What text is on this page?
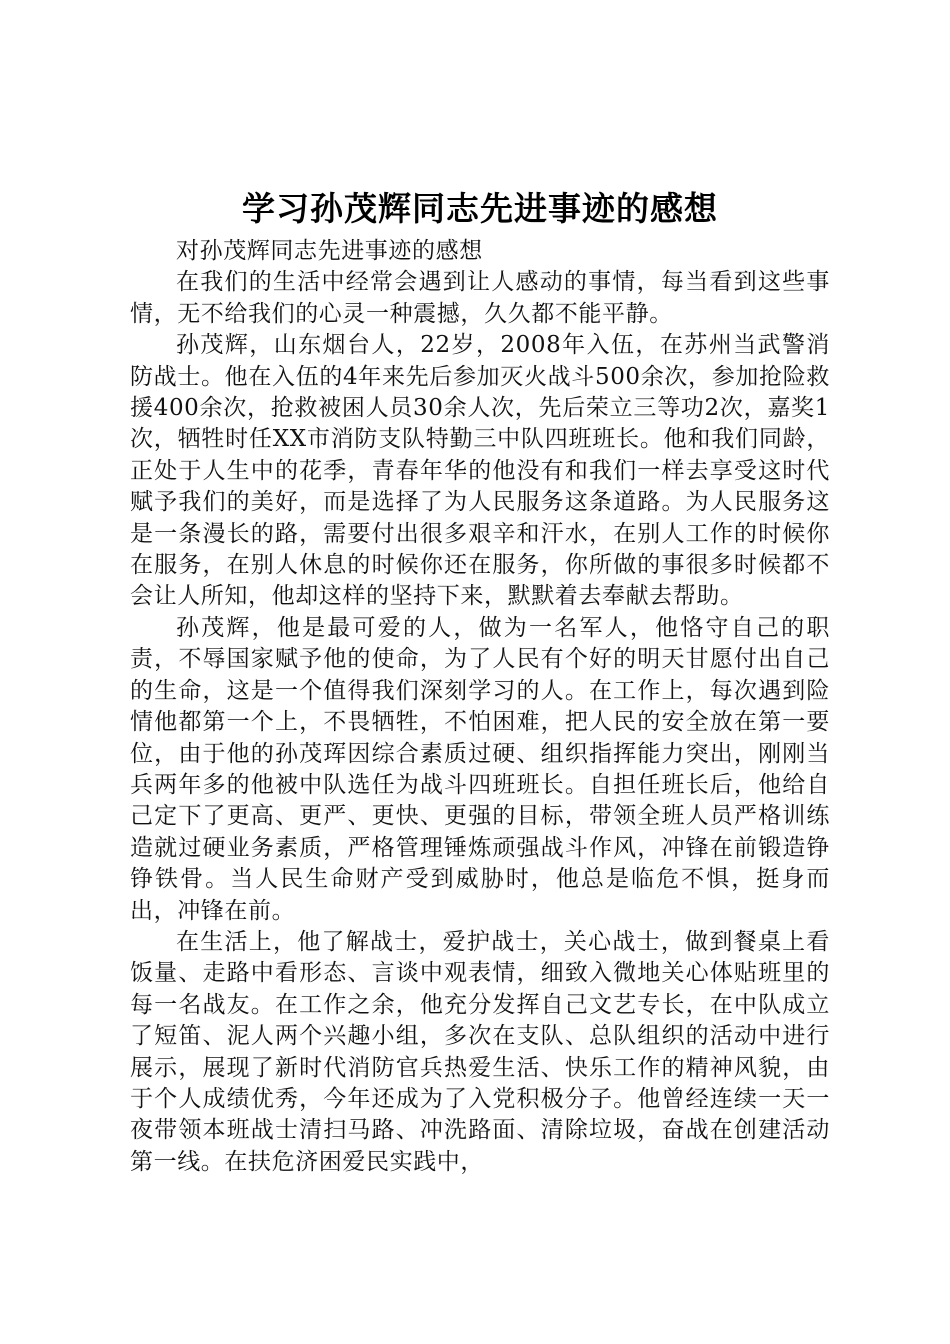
学习孙茂辉同志先进事迹的感想

对孙茂辉同志先进事迹的感想

在我们的生活中经常会遇到让人感动的事情，每当看到这些事情，无不给我们的心灵一种震撼，久久都不能平静。

孙茂辉，山东烟台人，22岁，2008年入伍，在苏州当武警消防战士。他在入伍的4年来先后参加灭火战斗500余次，参加抢险救援400余次，抢救被困人员30余人次，先后荣立三等功2次，嘉奖1次，牺牲时任XX市消防支队特勤三中队四班班长。他和我们同龄，正处于人生中的花季，青春年华的他没有和我们一样去享受这时代赋予我们的美好，而是选择了为人民服务这条道路。为人民服务这是一条漫长的路，需要付出很多艰辛和汗水，在别人工作的时候你在服务，在别人休息的时候你还在服务，你所做的事很多时候都不会让人所知，他却这样的坚持下来，默默着去奉献去帮助。

孙茂辉，他是最可爱的人，做为一名军人，他恪守自己的职责，不辱国家赋予他的使命，为了人民有个好的明天甘愿付出自己的生命，这是一个值得我们深刻学习的人。在工作上，每次遇到险情他都第一个上，不畏牺牲，不怕困难，把人民的安全放在第一要位，由于他的孙茂珲因综合素质过硬、组织指挥能力突出，刚刚当兵两年多的他被中队选任为战斗四班班长。自担任班长后，他给自己定下了更高、更严、更快、更强的目标，带领全班人员严格训练造就过硬业务素质，严格管理锤炼顽强战斗作风，冲锋在前锻造铮铮铁骨。当人民生命财产受到威胁时，他总是临危不惧，挺身而出，冲锋在前。

在生活上，他了解战士，爱护战士，关心战士，做到餐桌上看饭量、走路中看形态、言谈中观表情，细致入微地关心体贴班里的每一名战友。在工作之余，他充分发挥自己文艺专长，在中队成立了短笛、泥人两个兴趣小组，多次在支队、总队组织的活动中进行展示，展现了新时代消防官兵热爱生活、快乐工作的精神风貌，由于个人成绩优秀，今年还成为了入党积极分子。他曾经连续一天一夜带领本班战士清扫马路、冲洗路面、清除垃圾，奋战在创建活动第一线。在扶危济困爱民实践中，
